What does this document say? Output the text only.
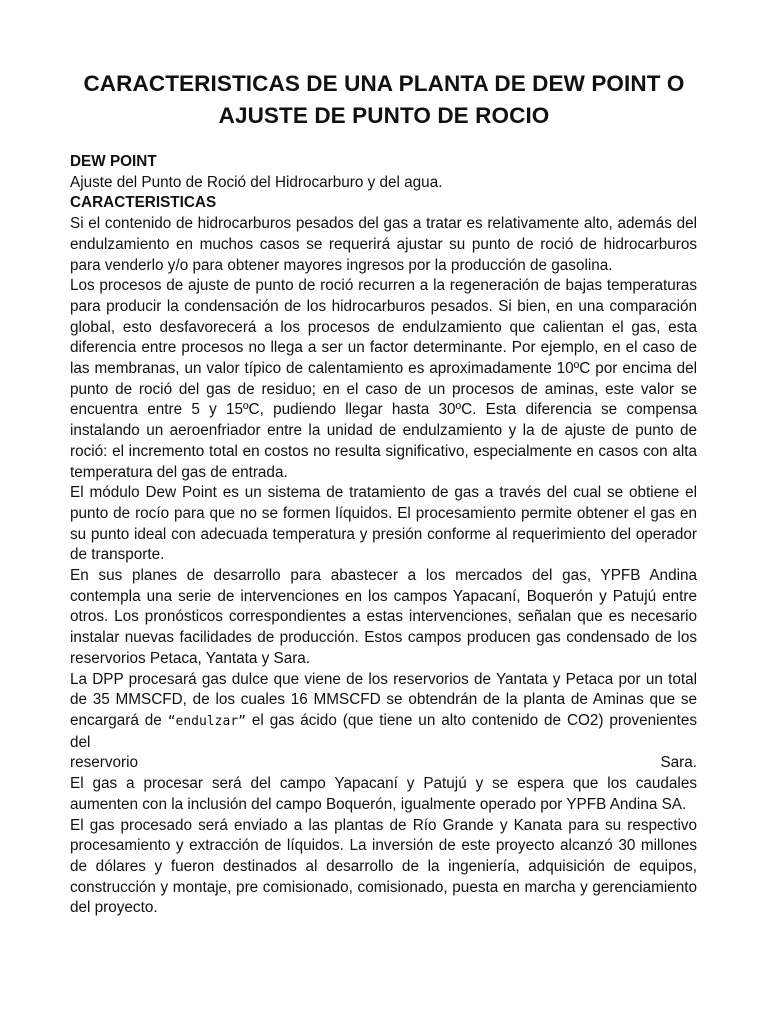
CARACTERISTICAS DE UNA PLANTA DE DEW POINT O
AJUSTE DE PUNTO DE ROCIO
DEW POINT

Ajuste del Punto de Roció del Hidrocarburo y del agua.

CARACTERISTICAS

Si el contenido de hidrocarburos pesados del gas a tratar es relativamente alto, además del endulzamiento en muchos casos se requerirá ajustar su punto de roció de hidrocarburos para venderlo y/o para obtener mayores ingresos por la producción de gasolina.

Los procesos de ajuste de punto de roció recurren a la regeneración de bajas temperaturas para producir la condensación de los hidrocarburos pesados. Si bien, en una comparación global, esto desfavorecerá a los procesos de endulzamiento que calientan el gas, esta diferencia entre procesos no llega a ser un factor determinante. Por ejemplo, en el caso de las membranas, un valor típico de calentamiento es aproximadamente 10ºC por encima del punto de roció del gas de residuo; en el caso de un procesos de aminas, este valor se encuentra entre 5 y 15ºC, pudiendo llegar hasta 30ºC. Esta diferencia se compensa instalando un aeroenfriador entre la unidad de endulzamiento y la de ajuste de punto de roció: el incremento total en costos no resulta significativo, especialmente en casos con alta temperatura del gas de entrada.

El módulo Dew Point es un sistema de tratamiento de gas a través del cual se obtiene el punto de rocío para que no se formen líquidos. El procesamiento permite obtener el gas en su punto ideal con adecuada temperatura y presión conforme al requerimiento del operador de transporte.

En sus planes de desarrollo para abastecer a los mercados del gas, YPFB Andina contempla una serie de intervenciones en los campos Yapacaní, Boquerón y Patujú entre otros. Los pronósticos correspondientes a estas intervenciones, señalan que es necesario instalar nuevas facilidades de producción. Estos campos producen gas condensado de los reservorios Petaca, Yantata y Sara.

La DPP procesará gas dulce que viene de los reservorios de Yantata y Petaca por un total de 35 MMSCFD, de los cuales 16 MMSCFD se obtendrán de la planta de Aminas que se encargará de “endulzar” el gas ácido (que tiene un alto contenido de CO2) provenientes del

reservorio	Sara.

El gas a procesar será del campo Yapacaní y Patujú y se espera que los caudales aumenten con la inclusión del campo Boquerón, igualmente operado por YPFB Andina SA.

El gas procesado será enviado a las plantas de Río Grande y Kanata para su respectivo procesamiento y extracción de líquidos. La inversión de este proyecto alcanzó 30 millones de dólares y fueron destinados al desarrollo de la ingeniería, adquisición de equipos, construcción y montaje, pre comisionado, comisionado, puesta en marcha y gerenciamiento del proyecto.
